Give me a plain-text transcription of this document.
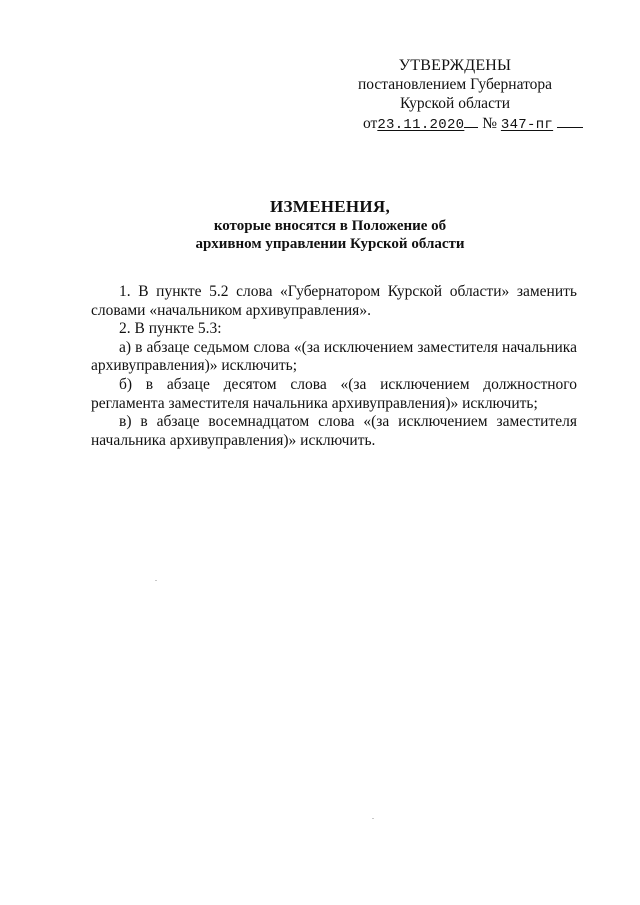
УТВЕРЖДЕНЫ
постановлением Губернатора
Курской области
от23.11.2020 № 347-пг
ИЗМЕНЕНИЯ,
которые вносятся в Положение об
архивном управлении Курской области

1. В пункте 5.2 слова «Губернатором Курской области» заменить словами «начальником архивуправления».

2. В пункте 5.3:

а) в абзаце седьмом слова «(за исключением заместителя начальника архивуправления)» исключить;

б) в абзаце десятом слова «(за исключением должностного регламента заместителя начальника архивуправления)» исключить;

в) в абзаце восемнадцатом слова «(за исключением заместителя начальника архивуправления)» исключить.
